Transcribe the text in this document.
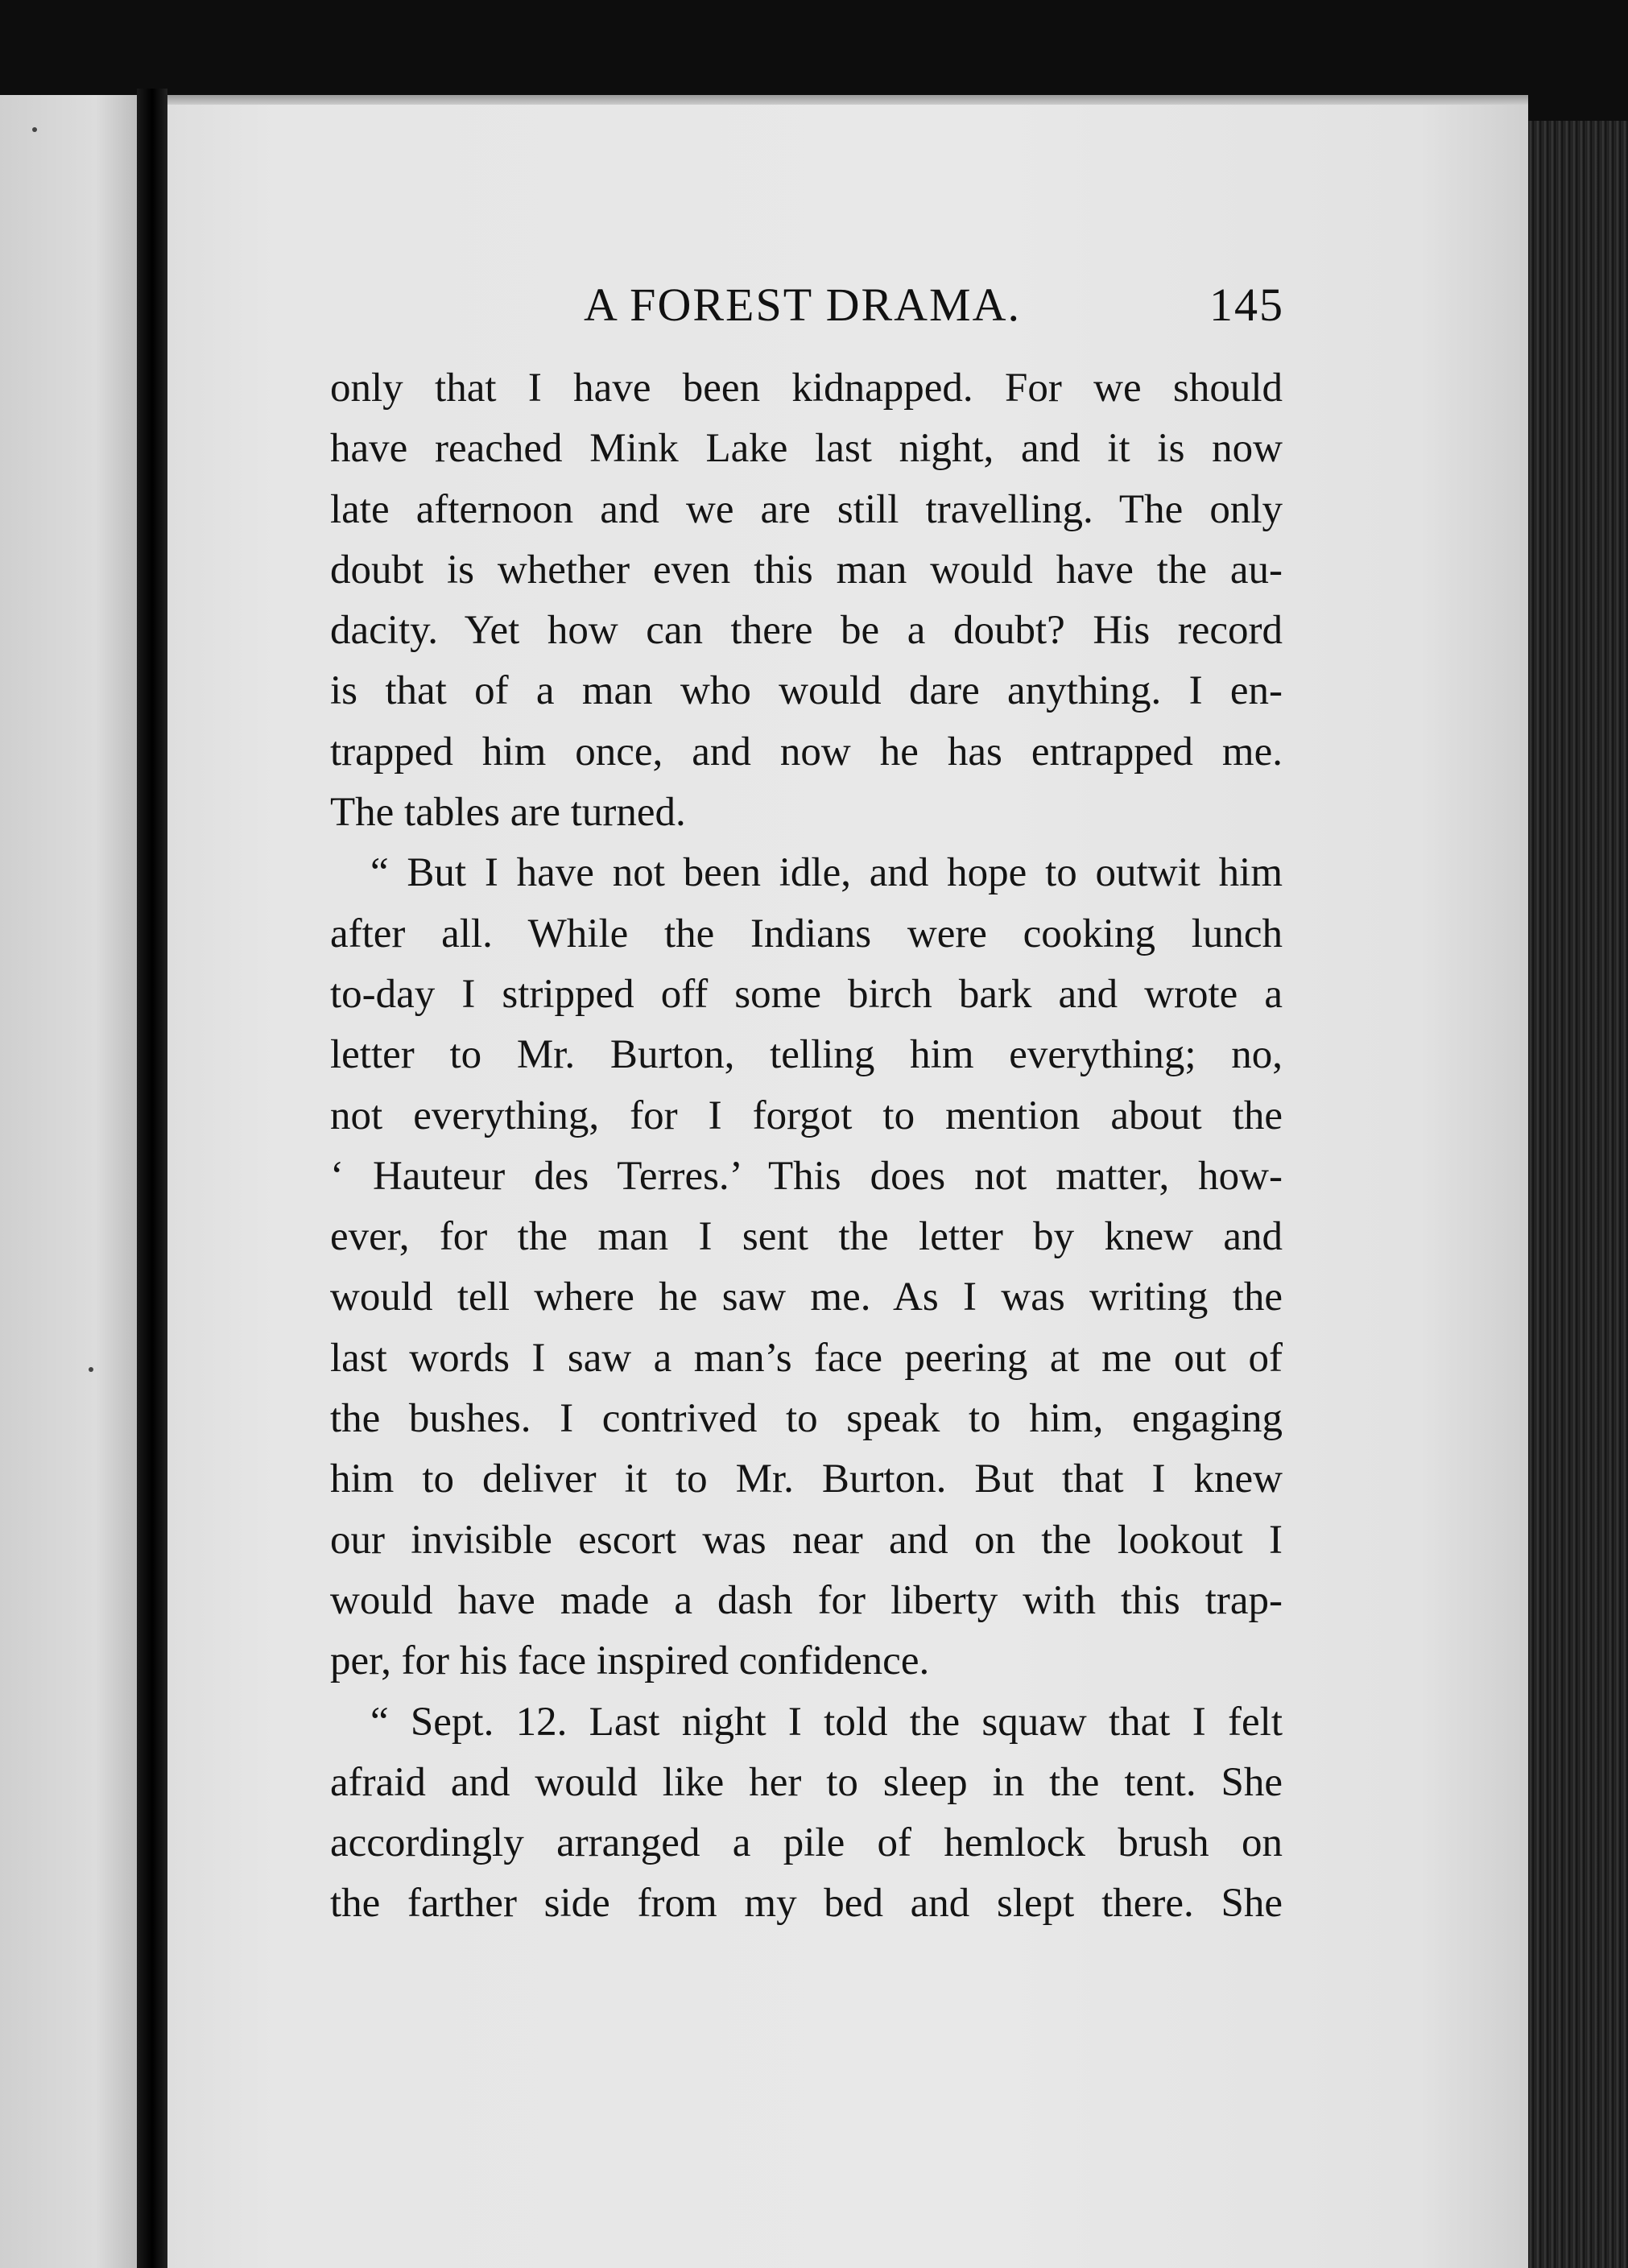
A FOREST DRAMA.	145
only that I have been kidnapped. For we should
have reached Mink Lake last night, and it is now
late afternoon and we are still travelling. The only
doubt is whether even this man would have the au-
dacity. Yet how can there be a doubt? His record
is that of a man who would dare anything. I en-
trapped him once, and now he has entrapped me.
The tables are turned.
“ But I have not been idle, and hope to outwit him
after all. While the Indians were cooking lunch
to-day I stripped off some birch bark and wrote a
letter to Mr. Burton, telling him everything; no,
not everything, for I forgot to mention about the
‘ Hauteur des Terres.’ This does not matter, how-
ever, for the man I sent the letter by knew and
would tell where he saw me. As I was writing the
last words I saw a man’s face peering at me out of
the bushes. I contrived to speak to him, engaging
him to deliver it to Mr. Burton. But that I knew
our invisible escort was near and on the lookout I
would have made a dash for liberty with this trap-
per, for his face inspired confidence.
“ Sept. 12. Last night I told the squaw that I felt
afraid and would like her to sleep in the tent. She
accordingly arranged a pile of hemlock brush on
the farther side from my bed and slept there. She
